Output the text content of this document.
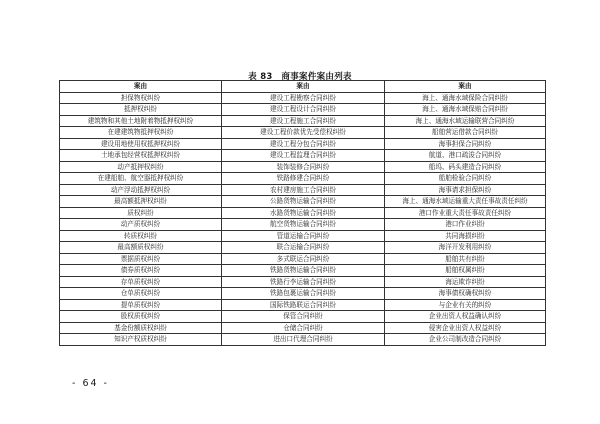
表 83　商事案件案由列表
案由	案由	案由
担保物权纠纷	建设工程勘察合同纠纷	海上、通海水域保险合同纠纷
抵押权纠纷	建设工程设计合同纠纷	海上、通海水域保赔合同纠纷
建筑物和其他土地附着物抵押权纠纷	建设工程施工合同纠纷	海上、通海水域运输联营合同纠纷
在建建筑物抵押权纠纷	建设工程价款优先受偿权纠纷	船舶营运借款合同纠纷
建设用地使用权抵押权纠纷	建设工程分包合同纠纷	海事担保合同纠纷
土地承包经营权抵押权纠纷	建设工程监理合同纠纷	航道、港口疏浚合同纠纷
动产抵押权纠纷	装饰装修合同纠纷	船坞、码头建造合同纠纷
在建船舶、航空器抵押权纠纷	铁路修建合同纠纷	船舶检验合同纠纷
动产浮动抵押权纠纷	农村建房施工合同纠纷	海事请求担保纠纷
最高额抵押权纠纷	公路货物运输合同纠纷	海上、通海水域运输重大责任事故责任纠纷
质权纠纷	水路货物运输合同纠纷	港口作业重大责任事故责任纠纷
动产质权纠纷	航空货物运输合同纠纷	港口作业纠纷
转质权纠纷	管道运输合同纠纷	共同海损纠纷
最高额质权纠纷	联合运输合同纠纷	海洋开发利用纠纷
票据质权纠纷	多式联运合同纠纷	船舶共有纠纷
债券质权纠纷	铁路货物运输合同纠纷	船舶权属纠纷
存单质权纠纷	铁路行李运输合同纠纷	海运欺诈纠纷
仓单质权纠纷	铁路包裹运输合同纠纷	海事债权确权纠纷
提单质权纠纷	国际铁路联运合同纠纷	与企业有关的纠纷
股权质权纠纷	保管合同纠纷	企业出资人权益确认纠纷
基金份额质权纠纷	仓储合同纠纷	侵害企业出资人权益纠纷
知识产权质权纠纷	进出口代理合同纠纷	企业公司制改造合同纠纷
- 64 -
